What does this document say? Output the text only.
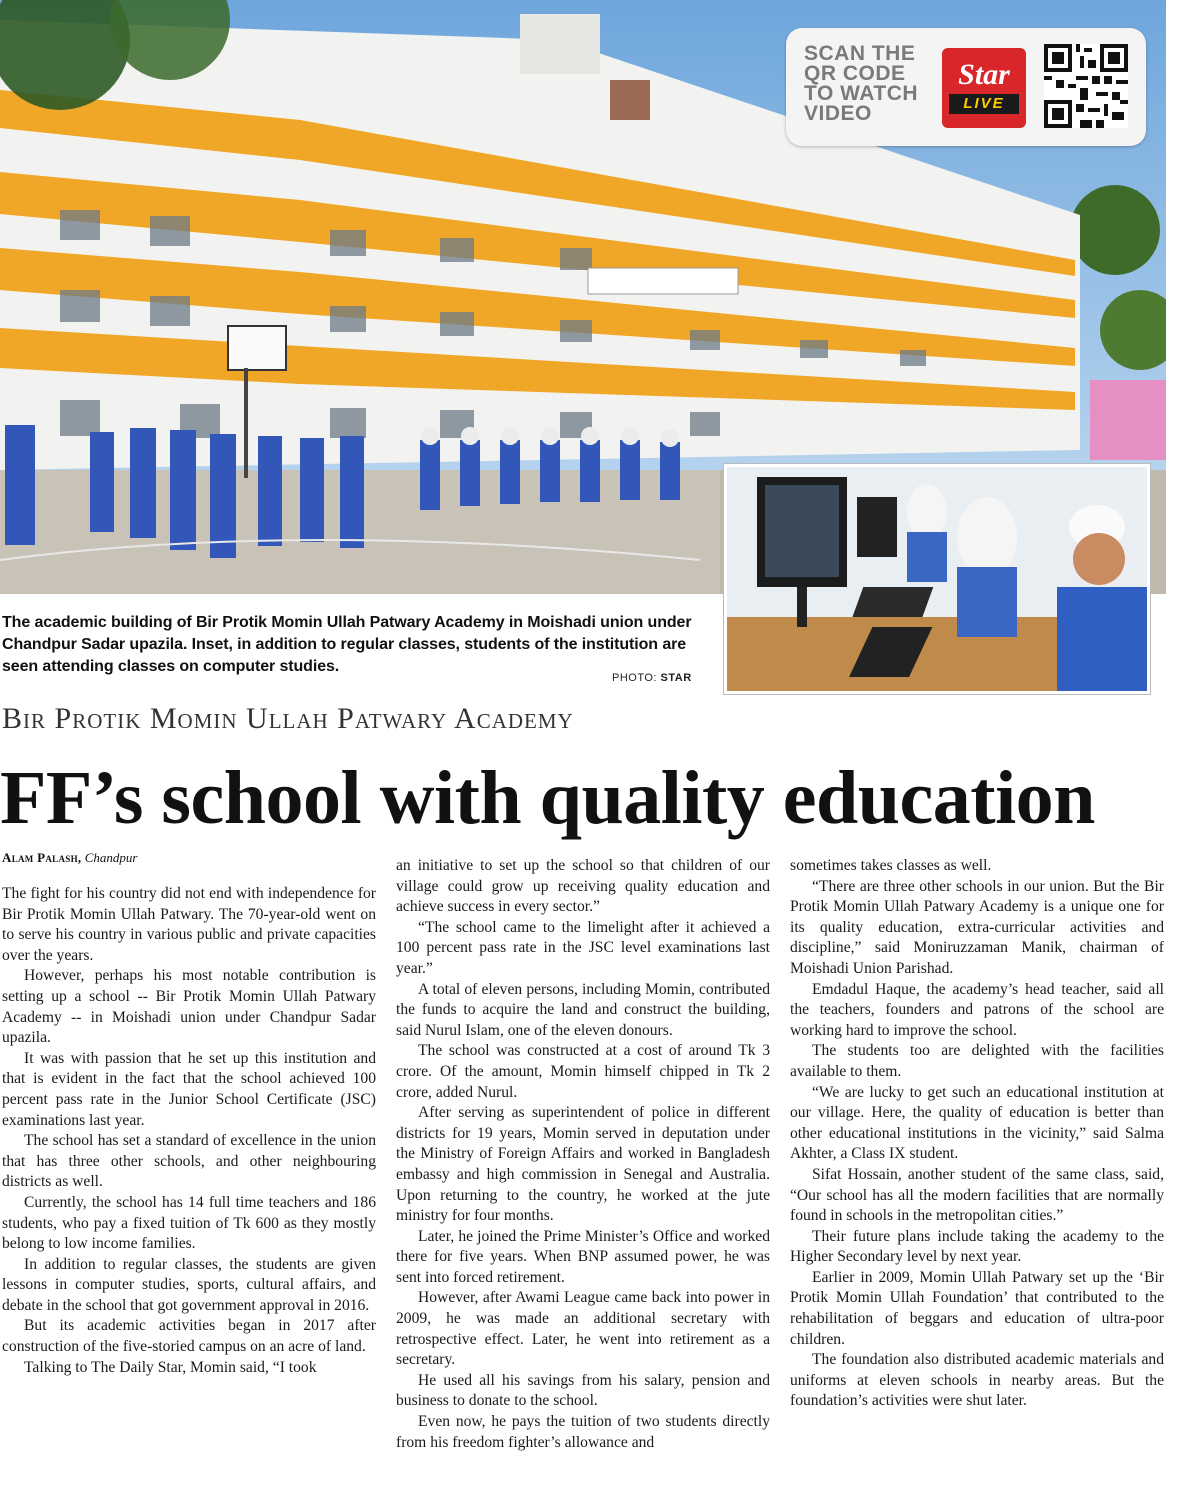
SCAN THE
QR CODE
TO WATCH
VIDEO
Star
LIVE
The academic building of Bir Protik Momin Ullah Patwary Academy in Moishadi union under Chandpur Sadar upazila. Inset, in addition to regular classes, students of the institution are seen attending classes on computer studies.
PHOTO: STAR
Bir Protik Momin Ullah Patwary Academy
FF’s school with quality education
Alam Palash, Chandpur

The fight for his country did not end with independence for Bir Protik Momin Ullah Patwary. The 70-year-old went on to serve his country in various public and private capacities over the years.

However, perhaps his most notable contribution is setting up a school -- Bir Protik Momin Ullah Patwary Academy -- in Moishadi union under Chandpur Sadar upazila.

It was with passion that he set up this institution and that is evident in the fact that the school achieved 100 percent pass rate in the Junior School Certificate (JSC) examinations last year.

The school has set a standard of excellence in the union that has three other schools, and other neighbouring districts as well.

Currently, the school has 14 full time teachers and 186 students, who pay a fixed tuition of Tk 600 as they mostly belong to low income families.

In addition to regular classes, the students are given lessons in computer studies, sports, cultural affairs, and debate in the school that got government approval in 2016.

But its academic activities began in 2017 after construction of the five-storied campus on an acre of land.

Talking to The Daily Star, Momin said, “I took

an initiative to set up the school so that children of our village could grow up receiving quality education and achieve success in every sector.”

“The school came to the limelight after it achieved a 100 percent pass rate in the JSC level examinations last year.”

A total of eleven persons, including Momin, contributed the funds to acquire the land and construct the building, said Nurul Islam, one of the eleven donours.

The school was constructed at a cost of around Tk 3 crore. Of the amount, Momin himself chipped in Tk 2 crore, added Nurul.

After serving as superintendent of police in different districts for 19 years, Momin served in deputation under the Ministry of Foreign Affairs and worked in Bangladesh embassy and high commission in Senegal and Australia. Upon returning to the country, he worked at the jute ministry for four months.

Later, he joined the Prime Minister’s Office and worked there for five years. When BNP assumed power, he was sent into forced retirement.

However, after Awami League came back into power in 2009, he was made an additional secretary with retrospective effect. Later, he went into retirement as a secretary.

He used all his savings from his salary, pension and business to donate to the school.

Even now, he pays the tuition of two students directly from his freedom fighter’s allowance and

sometimes takes classes as well.

“There are three other schools in our union. But the Bir Protik Momin Ullah Patwary Academy is a unique one for its quality education, extra-curricular activities and discipline,” said Moniruzzaman Manik, chairman of Moishadi Union Parishad.

Emdadul Haque, the academy’s head teacher, said all the teachers, founders and patrons of the school are working hard to improve the school.

The students too are delighted with the facilities available to them.

“We are lucky to get such an educational institution at our village. Here, the quality of education is better than other educational institutions in the vicinity,” said Salma Akhter, a Class IX student.

Sifat Hossain, another student of the same class, said, “Our school has all the modern facilities that are normally found in schools in the metropolitan cities.”

Their future plans include taking the academy to the Higher Secondary level by next year.

Earlier in 2009, Momin Ullah Patwary set up the ‘Bir Protik Momin Ullah Foundation’ that contributed to the rehabilitation of beggars and education of ultra-poor children.

The foundation also distributed academic materials and uniforms at eleven schools in nearby areas. But the foundation’s activities were shut later.
